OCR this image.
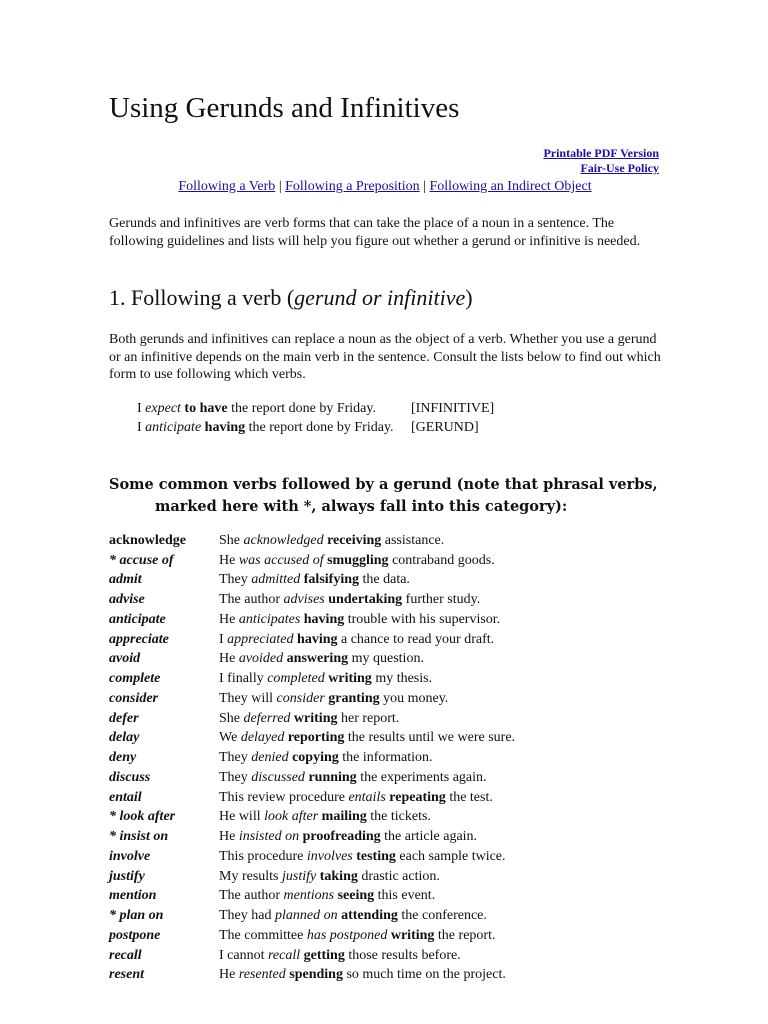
Using Gerunds and Infinitives
Printable PDF Version
Fair-Use Policy
Following a Verb | Following a Preposition | Following an Indirect Object

Gerunds and infinitives are verb forms that can take the place of a noun in a sentence. The following guidelines and lists will help you figure out whether a gerund or infinitive is needed.

1. Following a verb (gerund or infinitive)

Both gerunds and infinitives can replace a noun as the object of a verb. Whether you use a gerund or an infinitive depends on the main verb in the sentence. Consult the lists below to find out which form to use following which verbs.

I expect to have the report done by Friday.	[INFINITIVE]
I anticipate having the report done by Friday.	[GERUND]
Some common verbs followed by a gerund (note that phrasal verbs,
marked here with *, always fall into this category):
acknowledge	She acknowledged receiving assistance.
* accuse of	He was accused of smuggling contraband goods.
admit	They admitted falsifying the data.
advise	The author advises undertaking further study.
anticipate	He anticipates having trouble with his supervisor.
appreciate	I appreciated having a chance to read your draft.
avoid	He avoided answering my question.
complete	I finally completed writing my thesis.
consider	They will consider granting you money.
defer	She deferred writing her report.
delay	We delayed reporting the results until we were sure.
deny	They denied copying the information.
discuss	They discussed running the experiments again.
entail	This review procedure entails repeating the test.
* look after	He will look after mailing the tickets.
* insist on	He insisted on proofreading the article again.
involve	This procedure involves testing each sample twice.
justify	My results justify taking drastic action.
mention	The author mentions seeing this event.
* plan on	They had planned on attending the conference.
postpone	The committee has postponed writing the report.
recall	I cannot recall getting those results before.
resent	He resented spending so much time on the project.
